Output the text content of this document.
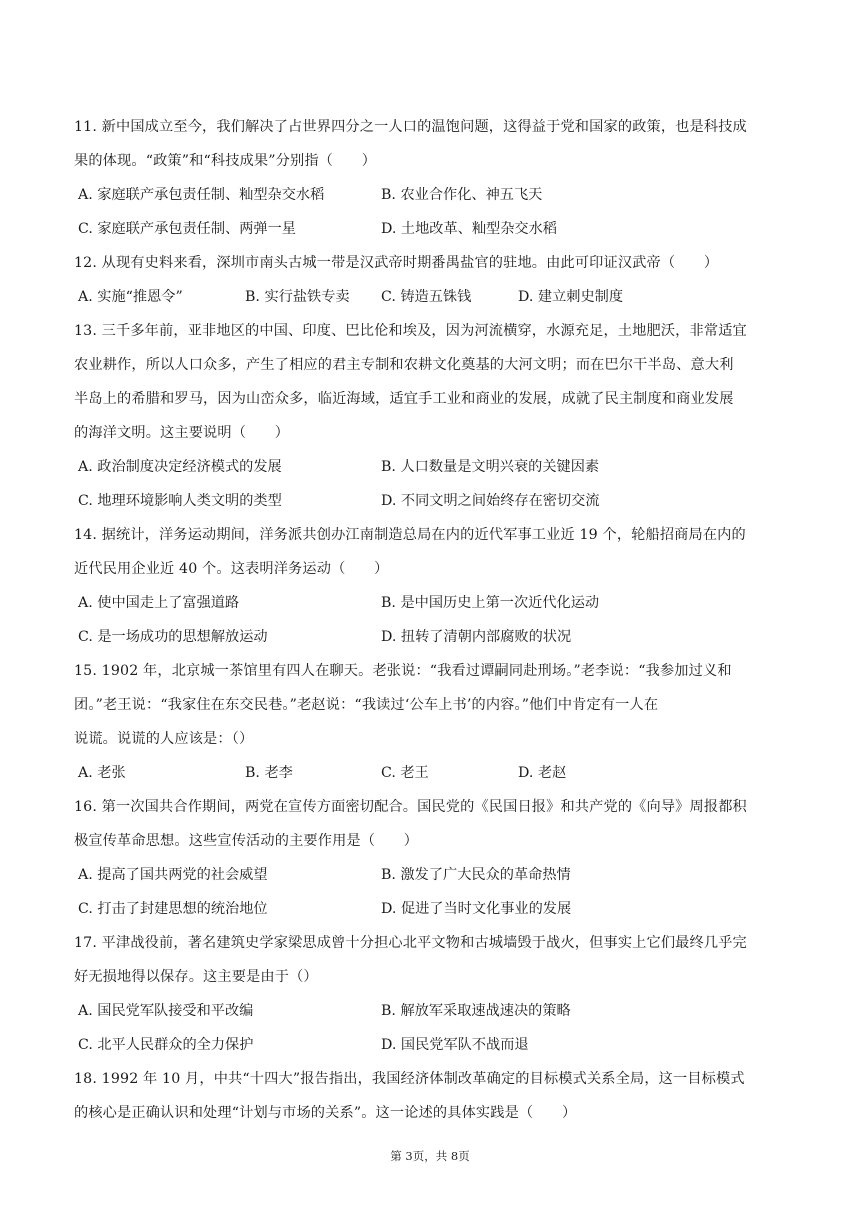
11. 新中国成立至今，我们解决了占世界四分之一人口的温饱问题，这得益于党和国家的政策，也是科技成
果的体现。“政策”和“科技成果”分别指（　　）
A. 家庭联产承包责任制、籼型杂交水稻	B. 农业合作化、神五飞天
C. 家庭联产承包责任制、两弹一星	D. 土地改革、籼型杂交水稻
12. 从现有史料来看，深圳市南头古城一带是汉武帝时期番禺盐官的驻地。由此可印证汉武帝（　　）
A. 实施“推恩令”	B. 实行盐铁专卖 C. 铸造五铢钱	D. 建立刺史制度
13. 三千多年前，亚非地区的中国、印度、巴比伦和埃及，因为河流横穿，水源充足，土地肥沃，非常适宜
农业耕作，所以人口众多，产生了相应的君主专制和农耕文化奠基的大河文明；而在巴尔干半岛、意大利
半岛上的希腊和罗马，因为山峦众多，临近海域，适宜手工业和商业的发展，成就了民主制度和商业发展
的海洋文明。这主要说明（　　）
A. 政治制度决定经济模式的发展	B. 人口数量是文明兴衰的关键因素
C. 地理环境影响人类文明的类型	D. 不同文明之间始终存在密切交流
14. 据统计，洋务运动期间，洋务派共创办江南制造总局在内的近代军事工业近 19 个，轮船招商局在内的
近代民用企业近 40 个。这表明洋务运动（　　）
A. 使中国走上了富强道路	B. 是中国历史上第一次近代化运动
C. 是一场成功的思想解放运动	D. 扭转了清朝内部腐败的状况
15. 1902 年，北京城一茶馆里有四人在聊天。老张说：“我看过谭嗣同赴刑场。”老李说：“我参加过义和
团。”老王说：“我家住在东交民巷。”老赵说：“我读过‘公车上书’的内容。”他们中肯定有一人在
说谎。说谎的人应该是：（）
A. 老张	B. 老李	C. 老王	D. 老赵
16. 第一次国共合作期间，两党在宣传方面密切配合。国民党的《民国日报》和共产党的《向导》周报都积
极宣传革命思想。这些宣传活动的主要作用是（　　）
A. 提高了国共两党的社会威望	B. 激发了广大民众的革命热情
C. 打击了封建思想的统治地位	D. 促进了当时文化事业的发展
17. 平津战役前，著名建筑史学家梁思成曾十分担心北平文物和古城墙毁于战火，但事实上它们最终几乎完
好无损地得以保存。这主要是由于（）
A. 国民党军队接受和平改编	B. 解放军采取速战速决的策略
C. 北平人民群众的全力保护	D. 国民党军队不战而退
18. 1992 年 10 月，中共“十四大”报告指出，我国经济体制改革确定的目标模式关系全局，这一目标模式
的核心是正确认识和处理“计划与市场的关系”。这一论述的具体实践是（　　）
第 3页，共 8页
